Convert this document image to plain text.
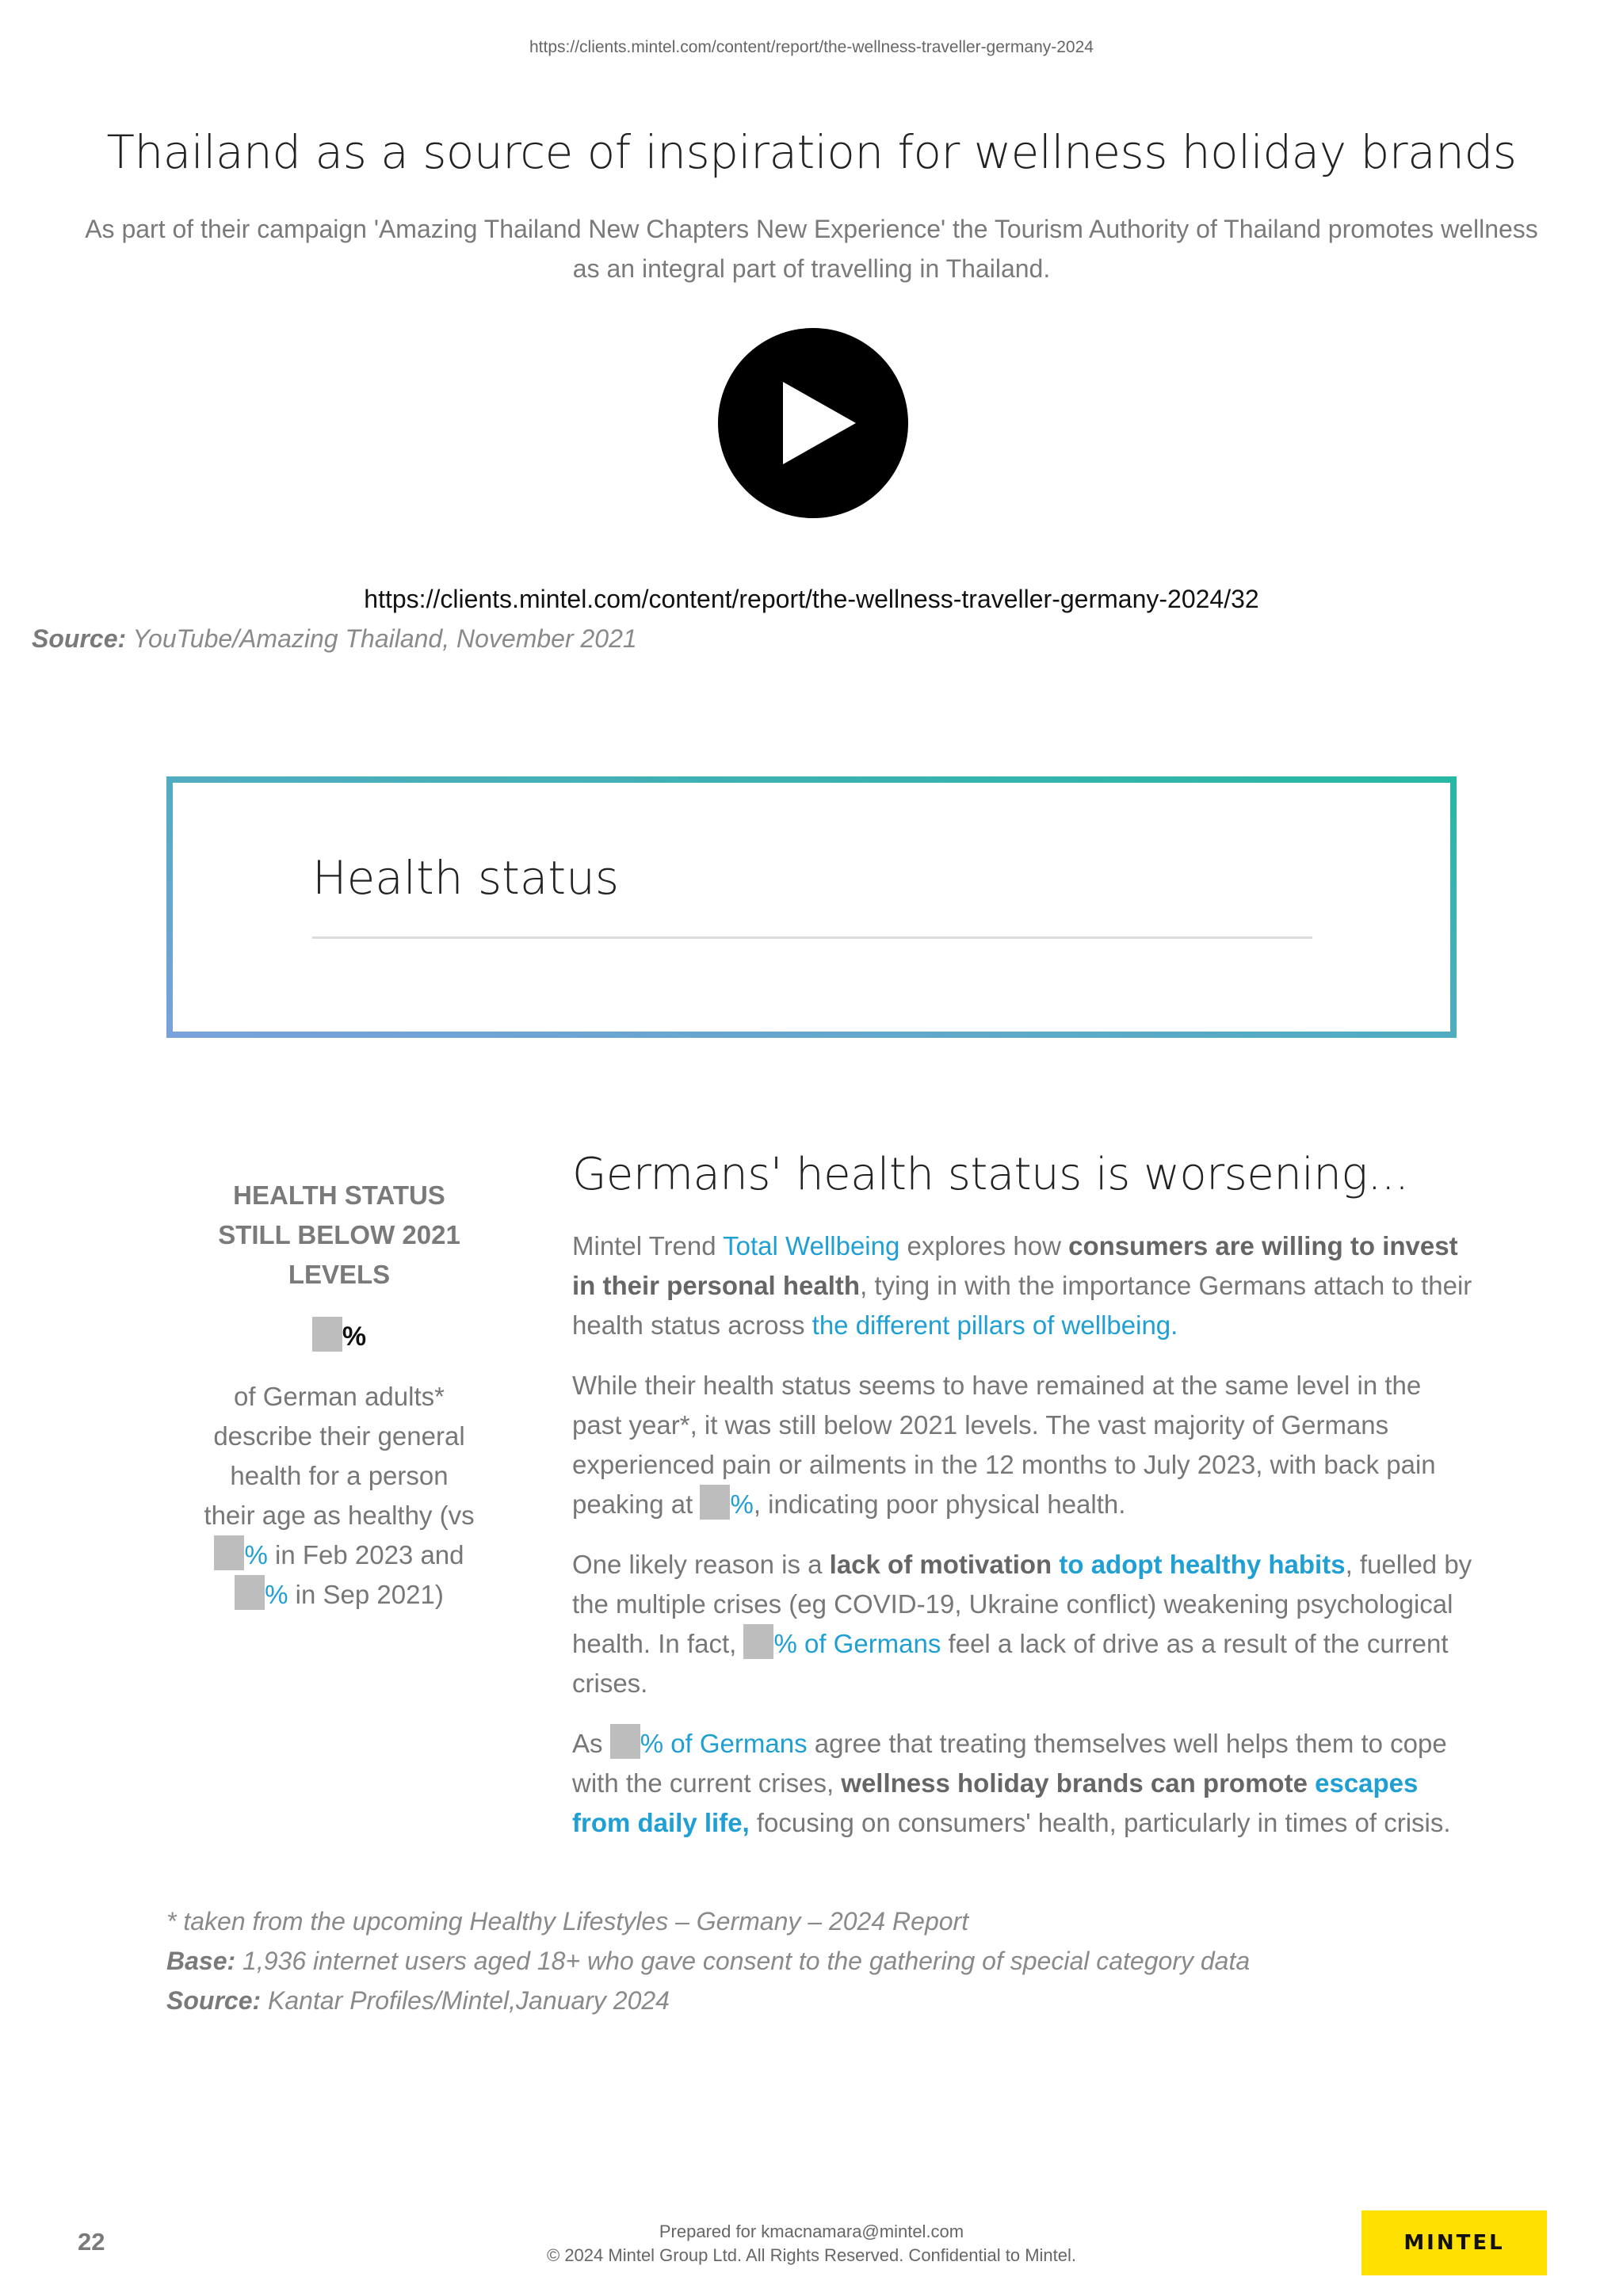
https://clients.mintel.com/content/report/the-wellness-traveller-germany-2024
Thailand as a source of inspiration for wellness holiday brands
As part of their campaign 'Amazing Thailand New Chapters New Experience' the Tourism Authority of Thailand promotes wellness as an integral part of travelling in Thailand.
https://clients.mintel.com/content/report/the-wellness-traveller-germany-2024/32
Source: YouTube/Amazing Thailand, November 2021
Health status
HEALTH STATUS
STILL BELOW 2021
LEVELS
%
of German adults*
describe their general
health for a person
their age as healthy (vs
% in Feb 2023 and
% in Sep 2021)
Germans' health status is worsening...
Mintel Trend Total Wellbeing explores how consumers are willing to invest in their personal health, tying in with the importance Germans attach to their health status across the different pillars of wellbeing.
While their health status seems to have remained at the same level in the past year*, it was still below 2021 levels. The vast majority of Germans experienced pain or ailments in the 12 months to July 2023, with back pain peaking at %, indicating poor physical health.
One likely reason is a lack of motivation to adopt healthy habits, fuelled by the multiple crises (eg COVID-19, Ukraine conflict) weakening psychological health. In fact, % of Germans feel a lack of drive as a result of the current crises.
As % of Germans agree that treating themselves well helps them to cope with the current crises, wellness holiday brands can promote escapes from daily life, focusing on consumers' health, particularly in times of crisis.
* taken from the upcoming Healthy Lifestyles – Germany – 2024 Report
Base: 1,936 internet users aged 18+ who gave consent to the gathering of special category data
Source: Kantar Profiles/Mintel,January 2024
22	Prepared for kmacnamara@mintel.com
© 2024 Mintel Group Ltd. All Rights Reserved. Confidential to Mintel.
MINTEL
